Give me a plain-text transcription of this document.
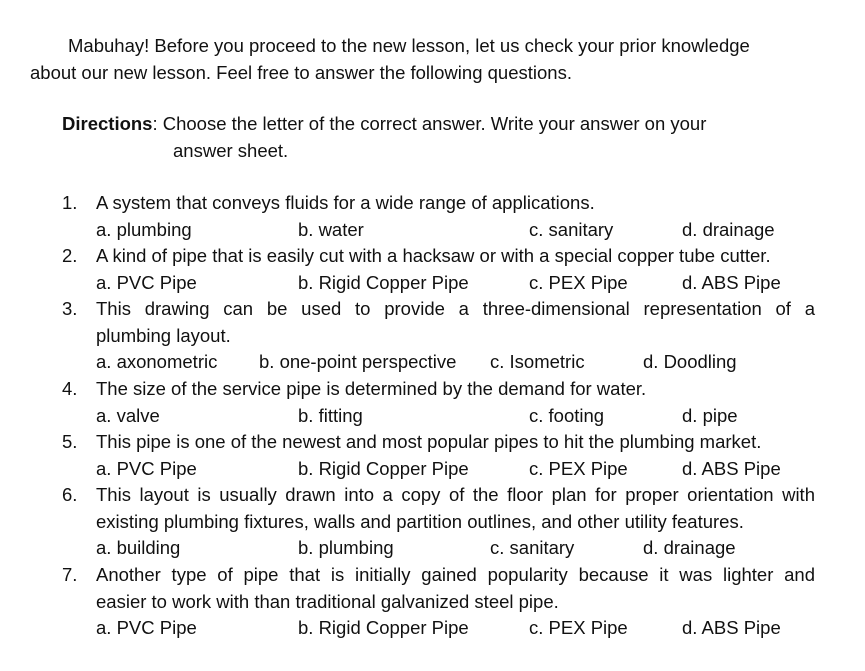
Mabuhay! Before you proceed to the new lesson, let us check your prior knowledge
about our new lesson. Feel free to answer the following questions.
Directions: Choose the letter of the correct answer. Write your answer on your
answer sheet.
1. A system that conveys fluids for a wide range of applications.
a. plumbing	b. water	c. sanitary	d. drainage
2. A kind of pipe that is easily cut with a hacksaw or with a special copper tube cutter.
a. PVC Pipe	b. Rigid Copper Pipe	c. PEX Pipe	d. ABS Pipe
3. This drawing can be used to provide a three-dimensional representation of a
plumbing layout.
a. axonometric b. one-point perspective c. Isometric	d. Doodling
4. The size of the service pipe is determined by the demand for water.
a. valve	b. fitting	c. footing	d. pipe
5. This pipe is one of the newest and most popular pipes to hit the plumbing market.
a. PVC Pipe	b. Rigid Copper Pipe	c. PEX Pipe	d. ABS Pipe
6. This layout is usually drawn into a copy of the floor plan for proper orientation with
existing plumbing fixtures, walls and partition outlines, and other utility features.
a. building	b. plumbing	c. sanitary	d. drainage
7. Another type of pipe that is initially gained popularity because it was lighter and
easier to work with than traditional galvanized steel pipe.
a. PVC Pipe	b. Rigid Copper Pipe	c. PEX Pipe	d. ABS Pipe
